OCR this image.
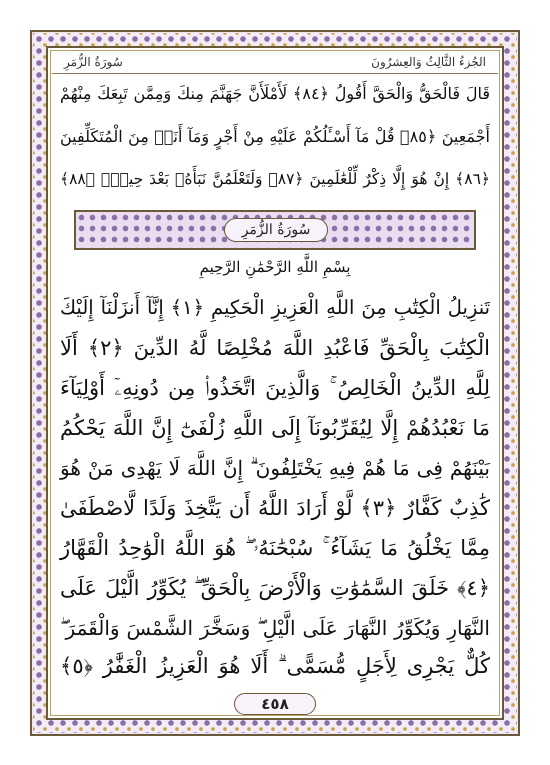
الجُزءُ الثَّالِثُ وَالعِشرُونَ
سُورَةُ الزُّمَرِ
قَالَ فَالْحَقُّ وَالْحَقَّ أَقُولُ ﴿٨٤﴾ لَأَمْلَأَنَّ جَهَنَّمَ مِنكَ وَمِمَّن تَبِعَكَ مِنْهُمْ
أَجْمَعِينَ ﴿٨٥﴾ قُلْ مَآ أَسْـَٔلُكُمْ عَلَيْهِ مِنْ أَجْرٍ وَمَآ أَنَا۠ مِنَ الْمُتَكَلِّفِينَ
﴿٨٦﴾ إِنْ هُوَ إِلَّا ذِكْرٌ لِّلْعَٰلَمِينَ ﴿٨٧﴾ وَلَتَعْلَمُنَّ نَبَأَهُۥ بَعْدَ حِينٍۭ ﴿٨٨﴾
سُورَةُ الزُّمَرِ
بِسْمِ اللَّهِ الرَّحْمَٰنِ الرَّحِيمِ
تَنزِيلُ الْكِتَٰبِ مِنَ اللَّهِ الْعَزِيزِ الْحَكِيمِ ﴿١﴾ إِنَّآ أَنزَلْنَآ إِلَيْكَ
الْكِتَٰبَ بِالْحَقِّ فَاعْبُدِ اللَّهَ مُخْلِصًا لَّهُ الدِّينَ ﴿٢﴾ أَلَا
لِلَّهِ الدِّينُ الْخَالِصُ ۚ وَالَّذِينَ اتَّخَذُوا۟ مِن دُونِهِۦٓ أَوْلِيَآءَ
مَا نَعْبُدُهُمْ إِلَّا لِيُقَرِّبُونَآ إِلَى اللَّهِ زُلْفَىٰٓ إِنَّ اللَّهَ يَحْكُمُ
بَيْنَهُمْ فِى مَا هُمْ فِيهِ يَخْتَلِفُونَ ۗ إِنَّ اللَّهَ لَا يَهْدِى مَنْ هُوَ
كَٰذِبٌ كَفَّارٌ ﴿٣﴾ لَّوْ أَرَادَ اللَّهُ أَن يَتَّخِذَ وَلَدًا لَّاصْطَفَىٰ
مِمَّا يَخْلُقُ مَا يَشَآءُ ۚ سُبْحَٰنَهُۥ ۖ هُوَ اللَّهُ الْوَٰحِدُ الْقَهَّارُ
﴿٤﴾ خَلَقَ السَّمَٰوَٰتِ وَالْأَرْضَ بِالْحَقِّ ۖ يُكَوِّرُ الَّيْلَ عَلَى
النَّهَارِ وَيُكَوِّرُ النَّهَارَ عَلَى الَّيْلِ ۖ وَسَخَّرَ الشَّمْسَ وَالْقَمَرَ ۖ
كُلٌّ يَجْرِى لِأَجَلٍ مُّسَمًّى ۗ أَلَا هُوَ الْعَزِيزُ الْغَفَّٰرُ ﴿٥﴾
٤٥٨
